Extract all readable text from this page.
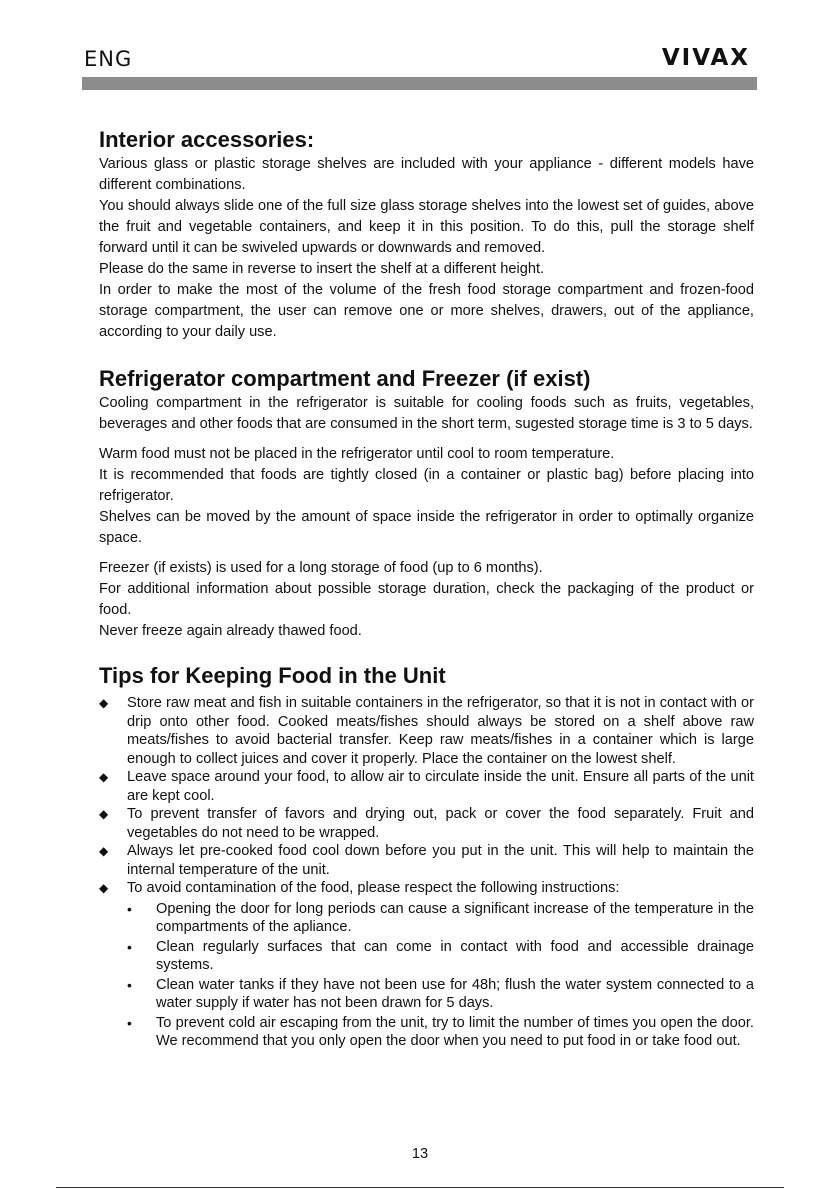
ENG	VIVAX
Interior accessories:

Various glass or plastic storage shelves are included with your appliance - different models have different combinations.

You should always slide one of the full size glass storage shelves into the lowest set of guides, above the fruit and vegetable containers, and keep it in this position. To do this, pull the storage shelf forward until it can be swiveled upwards or downwards and removed.

Please do the same in reverse to insert the shelf at a different height.

In order to make the most of the volume of the fresh food storage compartment and frozen-food storage compartment, the user can remove one or more shelves, drawers, out of the appliance, according to your daily use.

Refrigerator compartment and Freezer (if exist)

Cooling compartment in the refrigerator is suitable for cooling foods such as fruits, vegetables, beverages and other foods that are consumed in the short term, sugested storage time is 3 to 5 days.

Warm food must not be placed in the refrigerator until cool to room temperature.

It is recommended that foods are tightly closed (in a container or plastic bag) before placing into refrigerator.

Shelves can be moved by the amount of space inside the refrigerator in order to optimally organize space.

Freezer (if exists) is used for a long storage of food (up to 6 months).

For additional information about possible storage duration, check the packaging of the product or food.

Never freeze again already thawed food.

Tips for Keeping Food in the Unit
◆ Store raw meat and fish in suitable containers in the refrigerator, so that it is not in contact with or drip onto other food. Cooked meats/fishes should always be stored on a shelf above raw meats/fishes to avoid bacterial transfer. Keep raw meats/fishes in a container which is large enough to collect juices and cover it properly. Place the container on the lowest shelf.
◆ Leave space around your food, to allow air to circulate inside the unit. Ensure all parts of the unit are kept cool.
◆ To prevent transfer of favors and drying out, pack or cover the food separately. Fruit and vegetables do not need to be wrapped.
◆ Always let pre-cooked food cool down before you put in the unit. This will help to maintain the internal temperature of the unit.
◆ To avoid contamination of the food, please respect the following instructions:
• Opening the door for long periods can cause a significant increase of the temperature in the compartments of the apliance.
• Clean regularly surfaces that can come in contact with food and accessible drainage systems.
• Clean water tanks if they have not been use for 48h; flush the water system connected to a water supply if water has not been drawn for 5 days.
• To prevent cold air escaping from the unit, try to limit the number of times you open the door. We recommend that you only open the door when you need to put food in or take food out.
13
